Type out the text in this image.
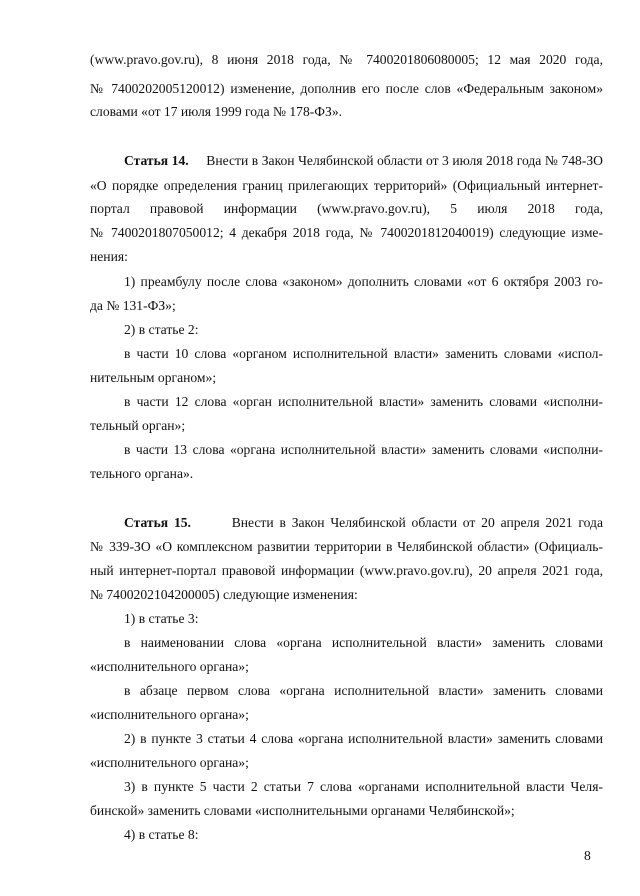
(www.pravo.gov.ru), 8 июня 2018 года, № 7400201806080005; 12 мая 2020 года,
№ 7400202005120012) изменение, дополнив его после слов «Федеральным законом»
словами «от 17 июля 1999 года № 178-ФЗ».
Статья 14. Внести в Закон Челябинской области от 3 июля 2018 года № 748-ЗО
«О порядке определения границ прилегающих территорий» (Официальный интернет-
портал правовой информации (www.pravo.gov.ru), 5 июля 2018 года,
№ 7400201807050012; 4 декабря 2018 года, № 7400201812040019) следующие изме-
нения:
1) преамбулу после слова «законом» дополнить словами «от 6 октября 2003 го-
да № 131-ФЗ»;
2) в статье 2:
в части 10 слова «органом исполнительной власти» заменить словами «испол-
нительным органом»;
в части 12 слова «орган исполнительной власти» заменить словами «исполни-
тельный орган»;
в части 13 слова «органа исполнительной власти» заменить словами «исполни-
тельного органа».
Статья 15.	Внести в Закон Челябинской области от 20 апреля 2021 года
№ 339-ЗО «О комплексном развитии территории в Челябинской области» (Официаль-
ный интернет-портал правовой информации (www.pravo.gov.ru), 20 апреля 2021 года,
№ 7400202104200005) следующие изменения:
1) в статье 3:
в наименовании слова «органа исполнительной власти» заменить словами
«исполнительного органа»;
в абзаце первом слова «органа исполнительной власти» заменить словами
«исполнительного органа»;
2) в пункте 3 статьи 4 слова «органа исполнительной власти» заменить словами
«исполнительного органа»;
3) в пункте 5 части 2 статьи 7 слова «органами исполнительной власти Челя-
бинской» заменить словами «исполнительными органами Челябинской»;
4) в статье 8:
8
